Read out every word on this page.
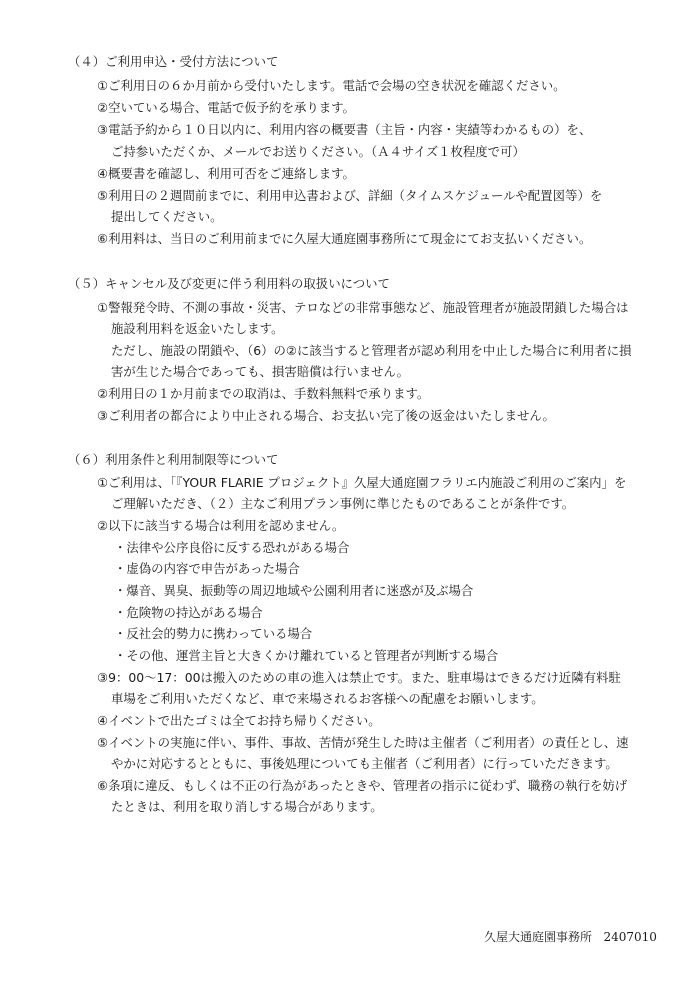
（４）ご利用申込・受付方法について
①ご利用日の６か月前から受付いたします。電話で会場の空き状況を確認ください。
②空いている場合、電話で仮予約を承ります。
③電話予約から１０日以内に、利用内容の概要書（主旨・内容・実績等わかるもの）を、
ご持参いただくか、メールでお送りください。（Ａ４サイズ１枚程度で可）
④概要書を確認し、利用可否をご連絡します。
⑤利用日の２週間前までに、利用申込書および、詳細（タイムスケジュールや配置図等）を
提出してください。
⑥利用料は、当日のご利用前までに久屋大通庭園事務所にて現金にてお支払いください。
（５）キャンセル及び変更に伴う利用料の取扱いについて
①警報発令時、不測の事故・災害、テロなどの非常事態など、施設管理者が施設閉鎖した場合は
施設利用料を返金いたします。
ただし、施設の閉鎖や、（6）の②に該当すると管理者が認め利用を中止した場合に利用者に損
害が生じた場合であっても、損害賠償は行いません。
②利用日の１か月前までの取消は、手数料無料で承ります。
③ご利用者の都合により中止される場合、お支払い完了後の返金はいたしません。
（６）利用条件と利用制限等について
①ご利用は、「『YOUR FLARIE プロジェクト』久屋大通庭園フラリエ内施設ご利用のご案内」を
ご理解いただき、（２）主なご利用プラン事例に準じたものであることが条件です。
②以下に該当する場合は利用を認めません。
・法律や公序良俗に反する恐れがある場合
・虚偽の内容で申告があった場合
・爆音、異臭、振動等の周辺地域や公園利用者に迷惑が及ぶ場合
・危険物の持込がある場合
・反社会的勢力に携わっている場合
・その他、運営主旨と大きくかけ離れていると管理者が判断する場合
③9：00～17：00は搬入のための車の進入は禁止です。また、駐車場はできるだけ近隣有料駐
車場をご利用いただくなど、車で来場されるお客様への配慮をお願いします。
④イベントで出たゴミは全てお持ち帰りください。
⑤イベントの実施に伴い、事件、事故、苦情が発生した時は主催者（ご利用者）の責任とし、速
やかに対応するとともに、事後処理についても主催者（ご利用者）に行っていただきます。
⑥条項に違反、もしくは不正の行為があったときや、管理者の指示に従わず、職務の執行を妨げ
たときは、利用を取り消しする場合があります。
久屋大通庭園事務所 2407010
